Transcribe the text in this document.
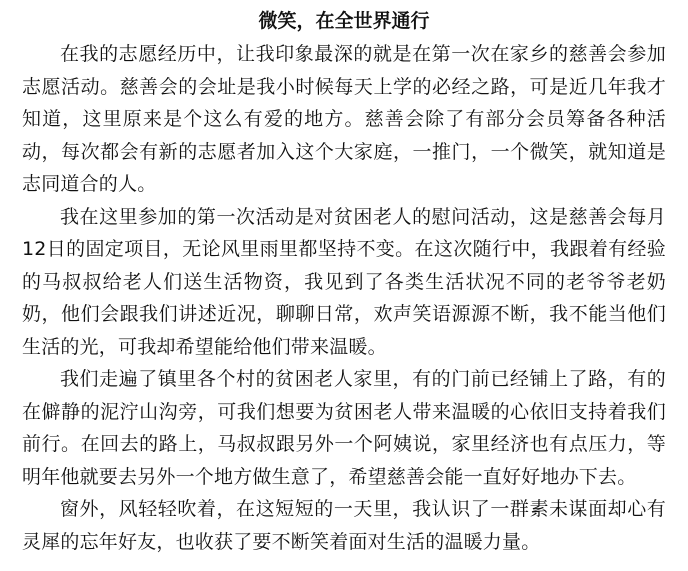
微笑，在全世界通行

在我的志愿经历中，让我印象最深的就是在第一次在家乡的慈善会参加志愿活动。慈善会的会址是我小时候每天上学的必经之路，可是近几年我才知道，这里原来是个这么有爱的地方。慈善会除了有部分会员筹备各种活动，每次都会有新的志愿者加入这个大家庭，一推门，一个微笑，就知道是志同道合的人。

我在这里参加的第一次活动是对贫困老人的慰问活动，这是慈善会每月12日的固定项目，无论风里雨里都坚持不变。在这次随行中，我跟着有经验的马叔叔给老人们送生活物资，我见到了各类生活状况不同的老爷爷老奶奶，他们会跟我们讲述近况，聊聊日常，欢声笑语源源不断，我不能当他们生活的光，可我却希望能给他们带来温暖。

我们走遍了镇里各个村的贫困老人家里，有的门前已经铺上了路，有的在僻静的泥泞山沟旁，可我们想要为贫困老人带来温暖的心依旧支持着我们前行。在回去的路上，马叔叔跟另外一个阿姨说，家里经济也有点压力，等明年他就要去另外一个地方做生意了，希望慈善会能一直好好地办下去。

窗外，风轻轻吹着，在这短短的一天里，我认识了一群素未谋面却心有灵犀的忘年好友，也收获了要不断笑着面对生活的温暖力量。
